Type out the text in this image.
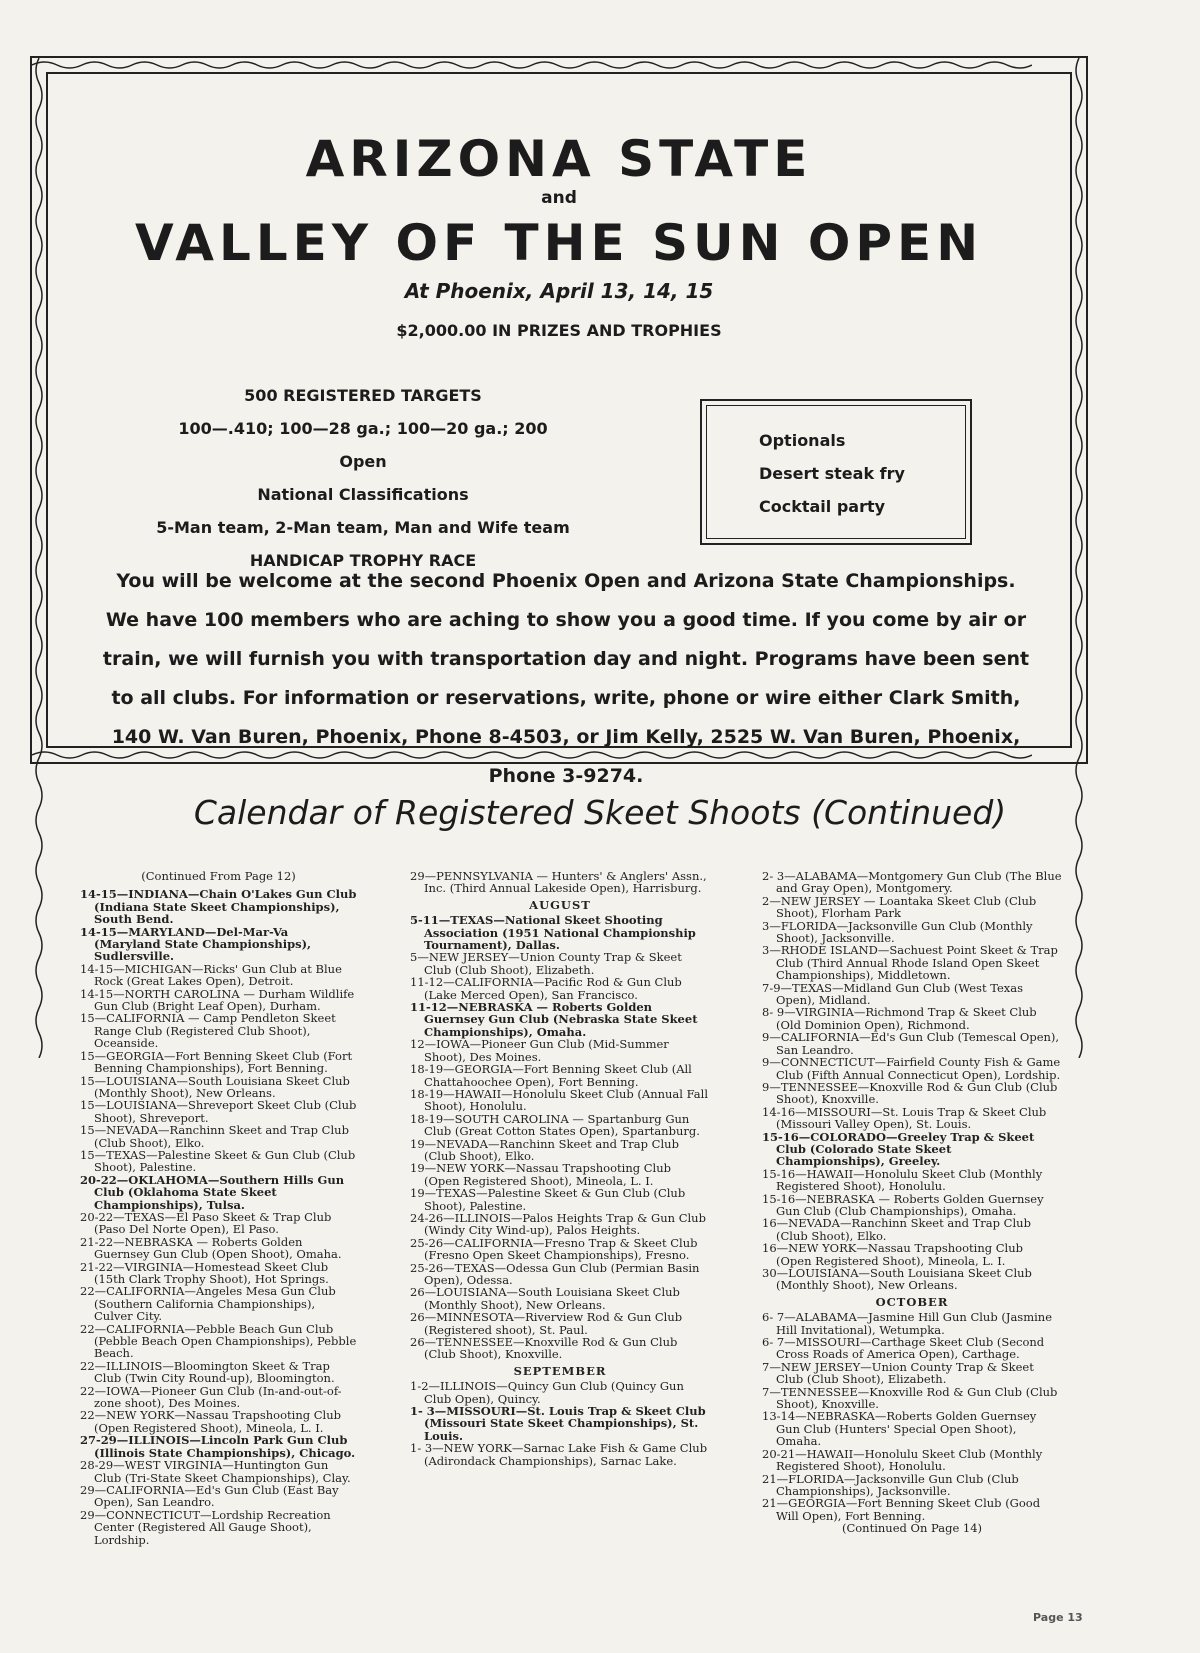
ARIZONA STATE
and
VALLEY OF THE SUN OPEN
At Phoenix, April 13, 14, 15
$2,000.00 IN PRIZES AND TROPHIES
500 REGISTERED TARGETS
100—.410; 100—28 ga.; 100—20 ga.; 200 Open
National Classifications
5-Man team, 2-Man team, Man and Wife team
HANDICAP TROPHY RACE
Optionals
Desert steak fry
Cocktail party
You will be welcome at the second Phoenix Open and Arizona State Championships. We have 100 members who are aching to show you a good time. If you come by air or train, we will furnish you with transportation day and night. Programs have been sent to all clubs. For information or reservations, write, phone or wire either Clark Smith, 140 W. Van Buren, Phoenix, Phone 8-4503, or Jim Kelly, 2525 W. Van Buren, Phoenix, Phone 3-9274.
Calendar of Registered Skeet Shoots (Continued)
(Continued From Page 12)

14-15—INDIANA—Chain O'Lakes Gun Club (Indiana State Skeet Championships), South Bend.

14-15—MARYLAND—Del-Mar-Va (Maryland State Championships), Sudlersville.

14-15—MICHIGAN—Ricks' Gun Club at Blue Rock (Great Lakes Open), Detroit.

14-15—NORTH CAROLINA — Durham Wildlife Gun Club (Bright Leaf Open), Durham.

15—CALIFORNIA — Camp Pendleton Skeet Range Club (Registered Club Shoot), Oceanside.

15—GEORGIA—Fort Benning Skeet Club (Fort Benning Championships), Fort Benning.

15—LOUISIANA—South Louisiana Skeet Club (Monthly Shoot), New Orleans.

15—LOUISIANA—Shreveport Skeet Club (Club Shoot), Shreveport.

15—NEVADA—Ranchinn Skeet and Trap Club (Club Shoot), Elko.

15—TEXAS—Palestine Skeet & Gun Club (Club Shoot), Palestine.

20-22—OKLAHOMA—Southern Hills Gun Club (Oklahoma State Skeet Championships), Tulsa.

20-22—TEXAS—El Paso Skeet & Trap Club (Paso Del Norte Open), El Paso.

21-22—NEBRASKA — Roberts Golden Guernsey Gun Club (Open Shoot), Omaha.

21-22—VIRGINIA—Homestead Skeet Club (15th Clark Trophy Shoot), Hot Springs.

22—CALIFORNIA—Angeles Mesa Gun Club (Southern California Championships), Culver City.

22—CALIFORNIA—Pebble Beach Gun Club (Pebble Beach Open Championships), Pebble Beach.

22—ILLINOIS—Bloomington Skeet & Trap Club (Twin City Round-up), Bloomington.

22—IOWA—Pioneer Gun Club (In-and-out-of-zone shoot), Des Moines.

22—NEW YORK—Nassau Trapshooting Club (Open Registered Shoot), Mineola, L. I.

27-29—ILLINOIS—Lincoln Park Gun Club (Illinois State Championships), Chicago.

28-29—WEST VIRGINIA—Huntington Gun Club (Tri-State Skeet Championships), Clay.

29—CALIFORNIA—Ed's Gun Club (East Bay Open), San Leandro.

29—CONNECTICUT—Lordship Recreation Center (Registered All Gauge Shoot), Lordship.

29—PENNSYLVANIA — Hunters' & Anglers' Assn., Inc. (Third Annual Lakeside Open), Harrisburg.

AUGUST

5-11—TEXAS—National Skeet Shooting Association (1951 National Championship Tournament), Dallas.

5—NEW JERSEY—Union County Trap & Skeet Club (Club Shoot), Elizabeth.

11-12—CALIFORNIA—Pacific Rod & Gun Club (Lake Merced Open), San Francisco.

11-12—NEBRASKA — Roberts Golden Guernsey Gun Club (Nebraska State Skeet Championships), Omaha.

12—IOWA—Pioneer Gun Club (Mid-Summer Shoot), Des Moines.

18-19—GEORGIA—Fort Benning Skeet Club (All Chattahoochee Open), Fort Benning.

18-19—HAWAII—Honolulu Skeet Club (Annual Fall Shoot), Honolulu.

18-19—SOUTH CAROLINA — Spartanburg Gun Club (Great Cotton States Open), Spartanburg.

19—NEVADA—Ranchinn Skeet and Trap Club (Club Shoot), Elko.

19—NEW YORK—Nassau Trapshooting Club (Open Registered Shoot), Mineola, L. I.

19—TEXAS—Palestine Skeet & Gun Club (Club Shoot), Palestine.

24-26—ILLINOIS—Palos Heights Trap & Gun Club (Windy City Wind-up), Palos Heights.

25-26—CALIFORNIA—Fresno Trap & Skeet Club (Fresno Open Skeet Championships), Fresno.

25-26—TEXAS—Odessa Gun Club (Permian Basin Open), Odessa.

26—LOUISIANA—South Louisiana Skeet Club (Monthly Shoot), New Orleans.

26—MINNESOTA—Riverview Rod & Gun Club (Registered shoot), St. Paul.

26—TENNESSEE—Knoxville Rod & Gun Club (Club Shoot), Knoxville.

SEPTEMBER

1-2—ILLINOIS—Quincy Gun Club (Quincy Gun Club Open), Quincy.

1- 3—MISSOURI—St. Louis Trap & Skeet Club (Missouri State Skeet Championships), St. Louis.

1- 3—NEW YORK—Sarnac Lake Fish & Game Club (Adirondack Championships), Sarnac Lake.

2- 3—ALABAMA—Montgomery Gun Club (The Blue and Gray Open), Montgomery.

2—NEW JERSEY — Loantaka Skeet Club (Club Shoot), Florham Park

3—FLORIDA—Jacksonville Gun Club (Monthly Shoot), Jacksonville.

3—RHODE ISLAND—Sachuest Point Skeet & Trap Club (Third Annual Rhode Island Open Skeet Championships), Middletown.

7-9—TEXAS—Midland Gun Club (West Texas Open), Midland.

8- 9—VIRGINIA—Richmond Trap & Skeet Club (Old Dominion Open), Richmond.

9—CALIFORNIA—Ed's Gun Club (Temescal Open), San Leandro.

9—CONNECTICUT—Fairfield County Fish & Game Club (Fifth Annual Connecticut Open), Lordship.

9—TENNESSEE—Knoxville Rod & Gun Club (Club Shoot), Knoxville.

14-16—MISSOURI—St. Louis Trap & Skeet Club (Missouri Valley Open), St. Louis.

15-16—COLORADO—Greeley Trap & Skeet Club (Colorado State Skeet Championships), Greeley.

15-16—HAWAII—Honolulu Skeet Club (Monthly Registered Shoot), Honolulu.

15-16—NEBRASKA — Roberts Golden Guernsey Gun Club (Club Championships), Omaha.

16—NEVADA—Ranchinn Skeet and Trap Club (Club Shoot), Elko.

16—NEW YORK—Nassau Trapshooting Club (Open Registered Shoot), Mineola, L. I.

30—LOUISIANA—South Louisiana Skeet Club (Monthly Shoot), New Orleans.

OCTOBER

6- 7—ALABAMA—Jasmine Hill Gun Club (Jasmine Hill Invitational), Wetumpka.

6- 7—MISSOURI—Carthage Skeet Club (Second Cross Roads of America Open), Carthage.

7—NEW JERSEY—Union County Trap & Skeet Club (Club Shoot), Elizabeth.

7—TENNESSEE—Knoxville Rod & Gun Club (Club Shoot), Knoxville.

13-14—NEBRASKA—Roberts Golden Guernsey Gun Club (Hunters' Special Open Shoot), Omaha.

20-21—HAWAII—Honolulu Skeet Club (Monthly Registered Shoot), Honolulu.

21—FLORIDA—Jacksonville Gun Club (Club Championships), Jacksonville.

21—GEORGIA—Fort Benning Skeet Club (Good Will Open), Fort Benning.

(Continued On Page 14)
Page 13
